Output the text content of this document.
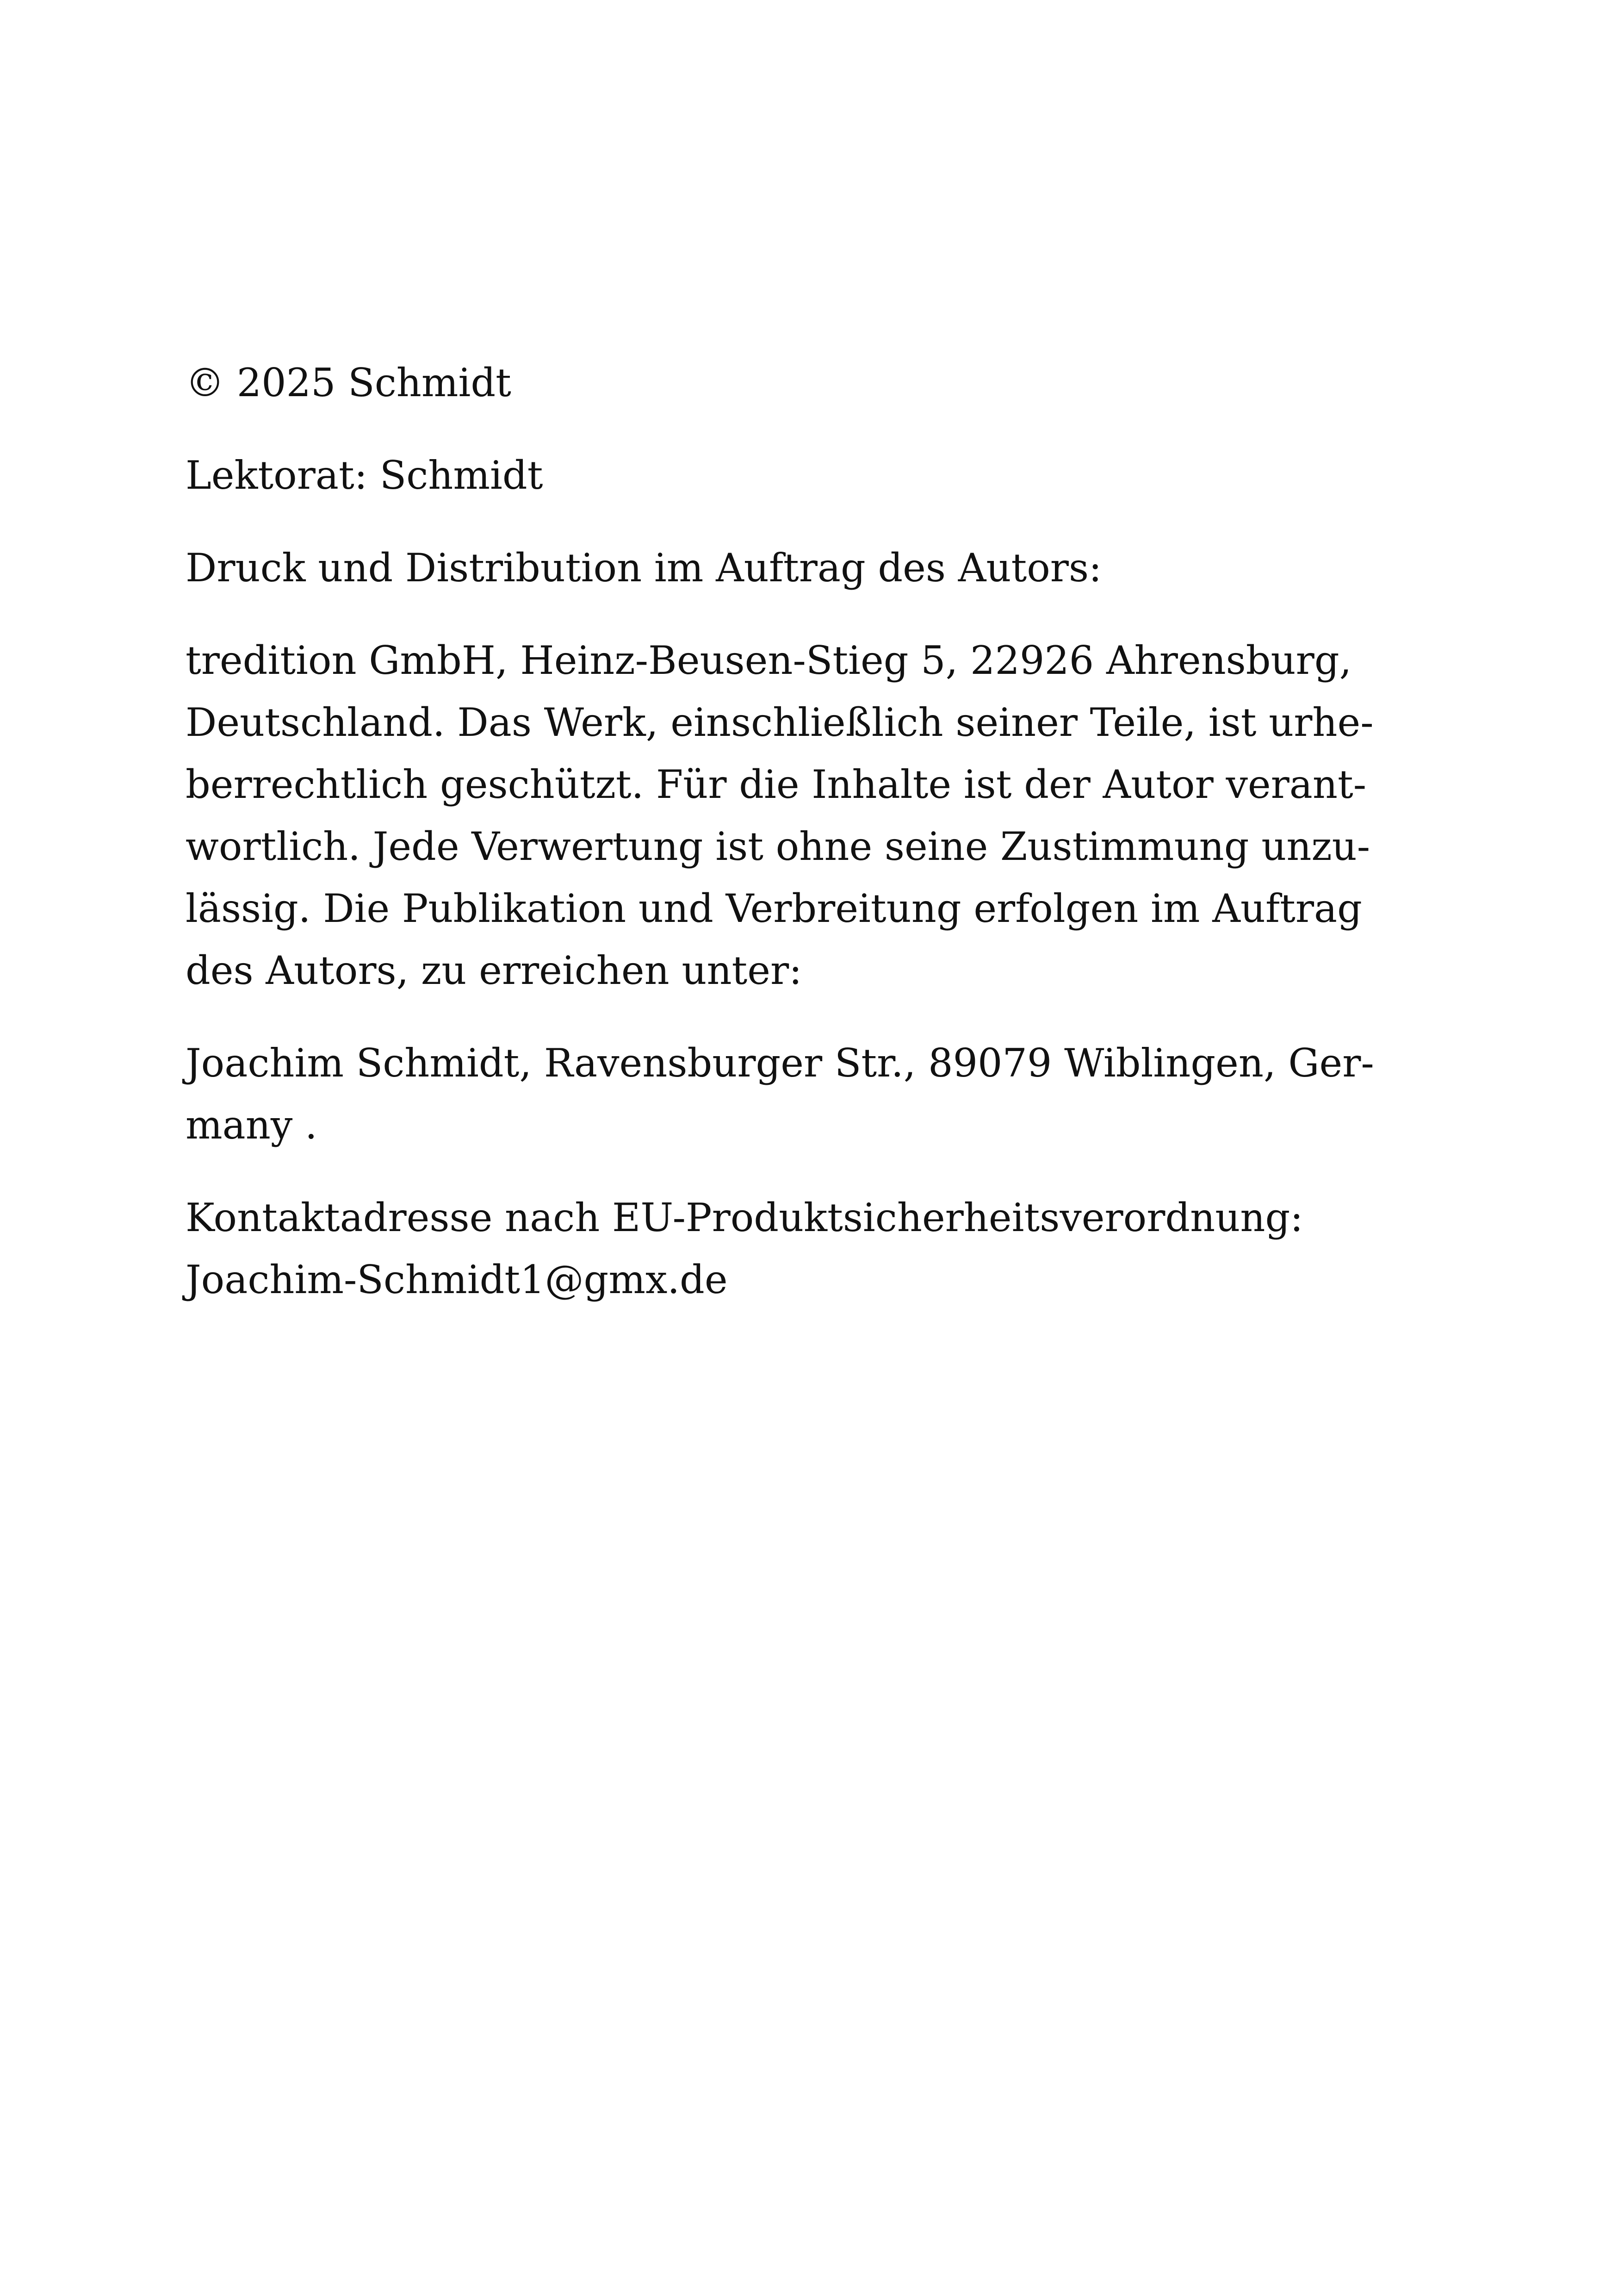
© 2025 Schmidt

Lektorat: Schmidt

Druck und Distribution im Auftrag des Autors:

tredition GmbH, Heinz-Beusen-Stieg 5, 22926 Ahrensburg,
Deutschland. Das Werk, einschließlich seiner Teile, ist urhe-
berrechtlich geschützt. Für die Inhalte ist der Autor verant-
wortlich. Jede Verwertung ist ohne seine Zustimmung unzu-
lässig. Die Publikation und Verbreitung erfolgen im Auftrag
des Autors, zu erreichen unter:

Joachim Schmidt, Ravensburger Str., 89079 Wiblingen, Ger-
many .

Kontaktadresse nach EU-Produktsicherheitsverordnung:
Joachim-Schmidt1@gmx.de
